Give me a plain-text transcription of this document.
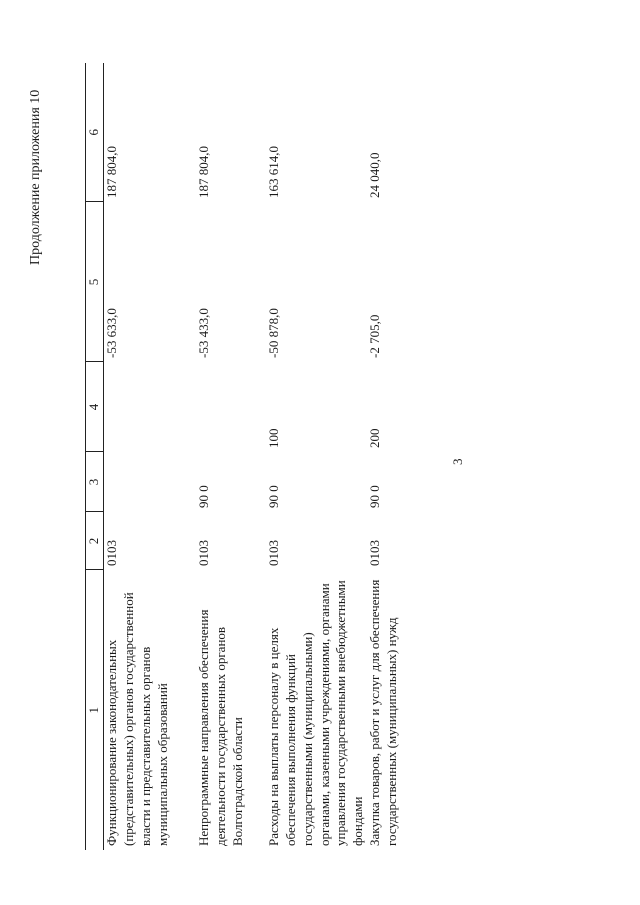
3
Продолжение приложения 10
1	2	3	4	5	6
Функционирование законодательных (представительных) органов государственной власти и представительных органов муниципальных образований	0103			-53 633,0	187 804,0
Непрограммные направления обеспечения деятельности государственных органов Волгоградской области	0103	90 0		-53 433,0	187 804,0
Расходы на выплаты персоналу в целях обеспечения выполнения функций государственными (муниципальными) органами, казенными учреждениями, органами управления государственными внебюджетными фондами	0103	90 0	100	-50 878,0	163 614,0
Закупка товаров, работ и услуг для обеспечения государственных (муниципальных) нужд	0103	90 0	200	-2 705,0	24 040,0
